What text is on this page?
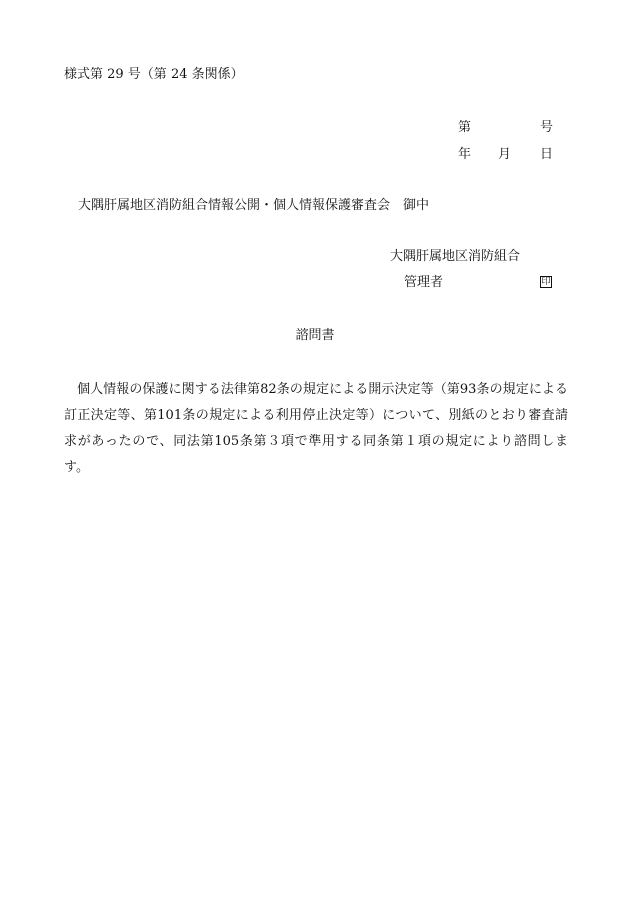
様式第 29 号（第 24 条関係）
第	号
年 月 日
大隅肝属地区消防組合情報公開・個人情報保護審査会　御中
大隅肝属地区消防組合
管理者	印
諮問書
個人情報の保護に関する法律第82条の規定による開示決定等（第93条の規定による訂正決定等、第101条の規定による利用停止決定等）について、別紙のとおり審査請求があったので、同法第105条第３項で準用する同条第１項の規定により諮問します。
